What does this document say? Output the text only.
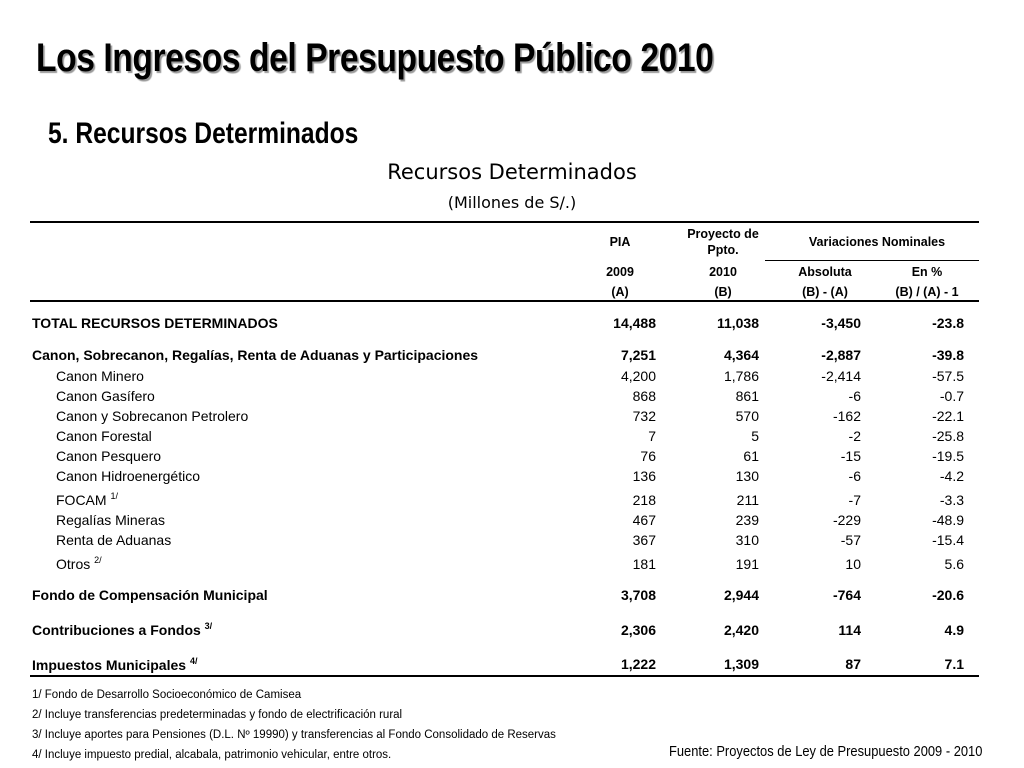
Los Ingresos del Presupuesto Público 2010
5. Recursos Determinados
Recursos Determinados
(Millones de S/.)
PIA
Proyecto de Ppto.
Variaciones Nominales
2009	2010	Absoluta	En %
(A)	(B)	(B) - (A)	(B) / (A) - 1
TOTAL RECURSOS DETERMINADOS	14,488	11,038	-3,450	-23.8
Canon, Sobrecanon, Regalías, Renta de Aduanas y Participaciones	7,251	4,364	-2,887	-39.8
Canon Minero	4,200	1,786	-2,414	-57.5
Canon Gasífero	868	861	-6	-0.7
Canon y Sobrecanon Petrolero	732	570	-162	-22.1
Canon Forestal	7	5	-2	-25.8
Canon Pesquero	76	61	-15	-19.5
Canon Hidroenergético	136	130	-6	-4.2
FOCAM $^{1/}$	218	211	-7	-3.3
Regalías Mineras	467	239	-229	-48.9
Renta de Aduanas	367	310	-57	-15.4
Otros $^{2/}$	181	191	10	5.6
Fondo de Compensación Municipal	3,708	2,944	-764	-20.6
Contribuciones a Fondos $^{3/}$	2,306	2,420	114	4.9
Impuestos Municipales $^{4/}$	1,222	1,309	87	7.1
1/ Fondo de Desarrollo Socioeconómico de Camisea
2/ Incluye transferencias predeterminadas y fondo de electrificación rural
3/ Incluye aportes para Pensiones (D.L. Nº 19990) y transferencias al Fondo Consolidado de Reservas
4/ Incluye impuesto predial, alcabala, patrimonio vehicular, entre otros.	Fuente: Proyectos de Ley de Presupuesto 2009 - 2010
